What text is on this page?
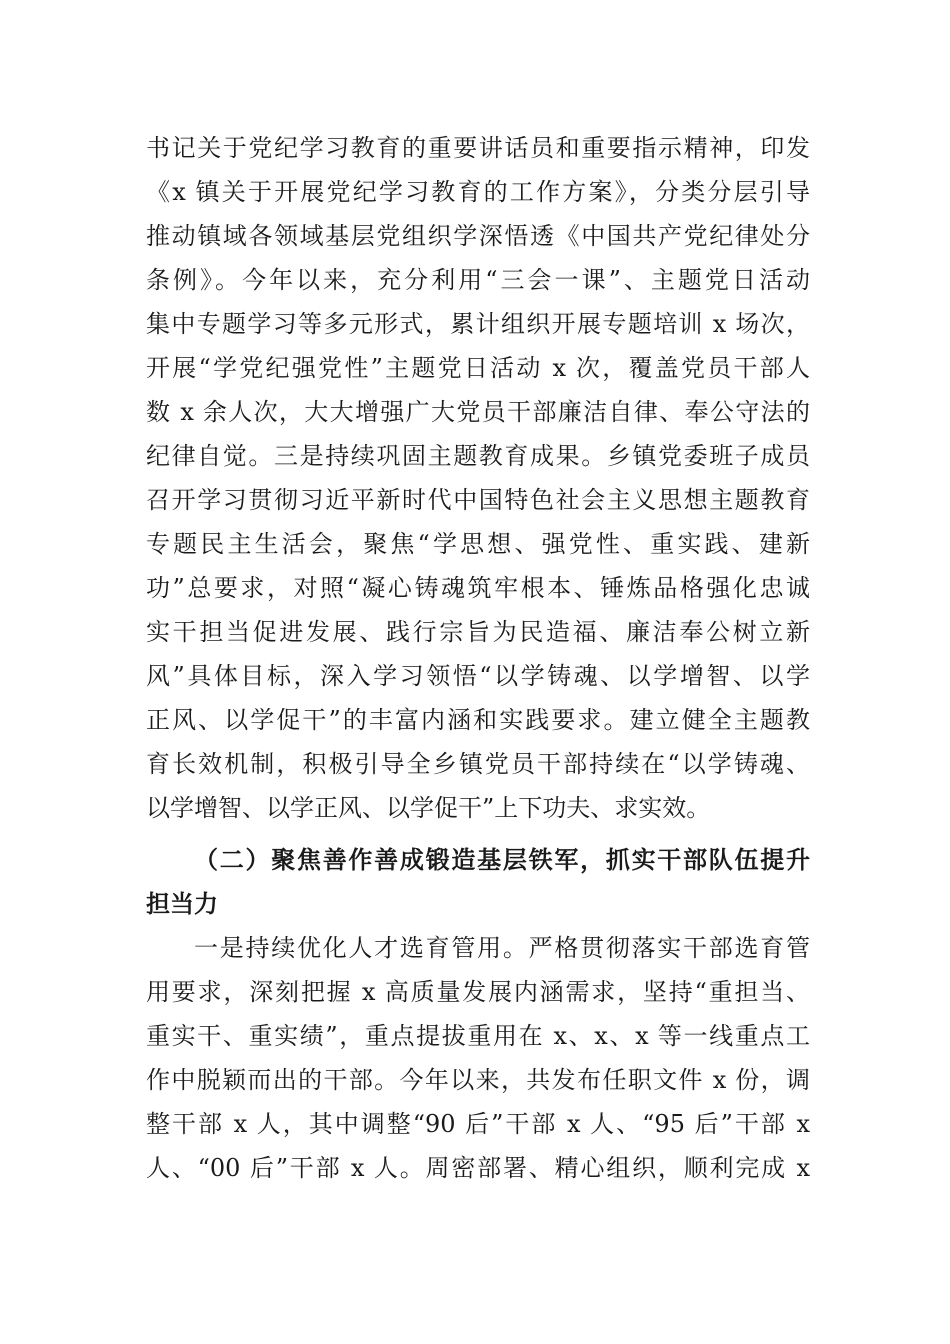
书记关于党纪学习教育的重要讲话员和重要指示精神，印发
《x 镇关于开展党纪学习教育的工作方案》，分类分层引导
推动镇域各领域基层党组织学深悟透《中国共产党纪律处分
条例》。今年以来，充分利用“三会一课”、主题党日活动
集中专题学习等多元形式，累计组织开展专题培训 x 场次，
开展“学党纪强党性”主题党日活动 x 次，覆盖党员干部人
数 x 余人次，大大增强广大党员干部廉洁自律、奉公守法的
纪律自觉。三是持续巩固主题教育成果。乡镇党委班子成员
召开学习贯彻习近平新时代中国特色社会主义思想主题教育
专题民主生活会，聚焦“学思想、强党性、重实践、建新
功”总要求，对照“凝心铸魂筑牢根本、锤炼品格强化忠诚
实干担当促进发展、践行宗旨为民造福、廉洁奉公树立新
风”具体目标，深入学习领悟“以学铸魂、以学增智、以学
正风、以学促干”的丰富内涵和实践要求。建立健全主题教
育长效机制，积极引导全乡镇党员干部持续在“以学铸魂、
以学增智、以学正风、以学促干”上下功夫、求实效。
（二）聚焦善作善成锻造基层铁军，抓实干部队伍提升
担当力
一是持续优化人才选育管用。严格贯彻落实干部选育管
用要求，深刻把握 x 高质量发展内涵需求，坚持“重担当、
重实干、重实绩”，重点提拔重用在 x、x、x 等一线重点工
作中脱颖而出的干部。今年以来，共发布任职文件 x 份，调
整干部 x 人，其中调整“90 后”干部 x 人、“95 后”干部 x
人、“00 后”干部 x 人。周密部署、精心组织，顺利完成 x
